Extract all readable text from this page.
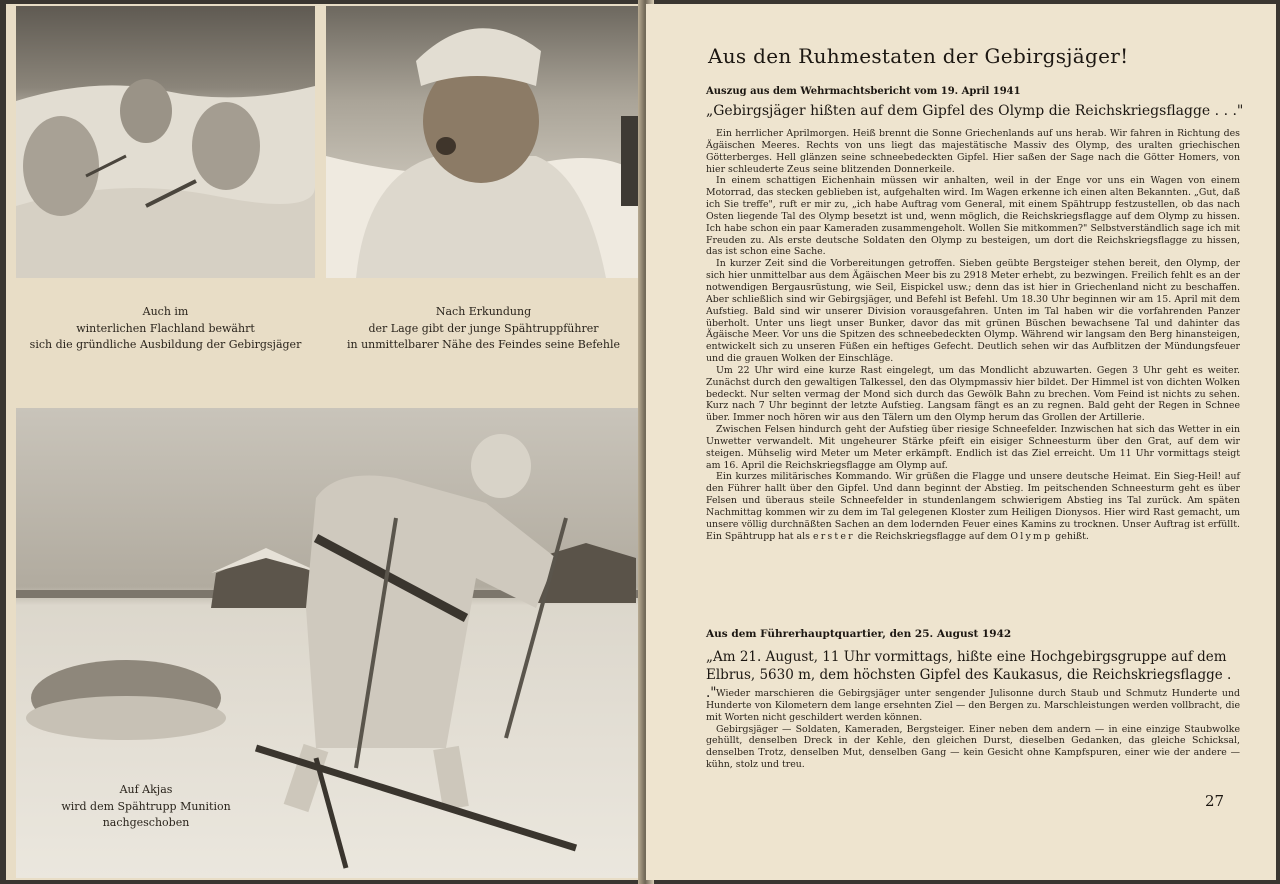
Auch im
winterlichen Flachland bewährt
sich die gründliche Ausbildung der Gebirgsjäger
Nach Erkundung
der Lage gibt der junge Spähtruppführer
in unmittelbarer Nähe des Feindes seine Befehle
Auf Akjas
wird dem Spähtrupp Munition
nachgeschoben
Aus den Ruhmestaten der Gebirgsjäger!
Auszug aus dem Wehrmachtsbericht vom 19. April 1941
„Gebirgsjäger hißten auf dem Gipfel des Olymp die Reichskriegsflagge . . ."

Ein herrlicher Aprilmorgen. Heiß brennt die Sonne Griechenlands auf uns herab. Wir fahren in Richtung des Ägäischen Meeres. Rechts von uns liegt das majestätische Massiv des Olymp, des uralten griechischen Götterberges. Hell glänzen seine schneebedeckten Gipfel. Hier saßen der Sage nach die Götter Homers, von hier schleuderte Zeus seine blitzenden Donnerkeile.

In einem schattigen Eichenhain müssen wir anhalten, weil in der Enge vor uns ein Wagen von einem Motorrad, das stecken geblieben ist, aufgehalten wird. Im Wagen erkenne ich einen alten Bekannten. „Gut, daß ich Sie treffe", ruft er mir zu, „ich habe Auftrag vom General, mit einem Spähtrupp festzustellen, ob das nach Osten liegende Tal des Olymp besetzt ist und, wenn möglich, die Reichskriegsflagge auf dem Olymp zu hissen. Ich habe schon ein paar Kameraden zusammengeholt. Wollen Sie mitkommen?" Selbstverständlich sage ich mit Freuden zu. Als erste deutsche Soldaten den Olymp zu besteigen, um dort die Reichskriegsflagge zu hissen, das ist schon eine Sache.

In kurzer Zeit sind die Vorbereitungen getroffen. Sieben geübte Bergsteiger stehen bereit, den Olymp, der sich hier unmittelbar aus dem Ägäischen Meer bis zu 2918 Meter erhebt, zu bezwingen. Freilich fehlt es an der notwendigen Bergausrüstung, wie Seil, Eispickel usw.; denn das ist hier in Griechenland nicht zu beschaffen. Aber schließlich sind wir Gebirgsjäger, und Befehl ist Befehl. Um 18.30 Uhr beginnen wir am 15. April mit dem Aufstieg. Bald sind wir unserer Division vorausgefahren. Unten im Tal haben wir die vorfahrenden Panzer überholt. Unter uns liegt unser Bunker, davor das mit grünen Büschen bewachsene Tal und dahinter das Ägäische Meer. Vor uns die Spitzen des schneebedeckten Olymp. Während wir langsam den Berg hinansteigen, entwickelt sich zu unseren Füßen ein heftiges Gefecht. Deutlich sehen wir das Aufblitzen der Mündungsfeuer und die grauen Wolken der Einschläge.

Um 22 Uhr wird eine kurze Rast eingelegt, um das Mondlicht abzuwarten. Gegen 3 Uhr geht es weiter. Zunächst durch den gewaltigen Talkessel, den das Olympmassiv hier bildet. Der Himmel ist von dichten Wolken bedeckt. Nur selten vermag der Mond sich durch das Gewölk Bahn zu brechen. Vom Feind ist nichts zu sehen. Kurz nach 7 Uhr beginnt der letzte Aufstieg. Langsam fängt es an zu regnen. Bald geht der Regen in Schnee über. Immer noch hören wir aus den Tälern um den Olymp herum das Grollen der Artillerie.

Zwischen Felsen hindurch geht der Aufstieg über riesige Schneefelder. Inzwischen hat sich das Wetter in ein Unwetter verwandelt. Mit ungeheurer Stärke pfeift ein eisiger Schneesturm über den Grat, auf dem wir steigen. Mühselig wird Meter um Meter erkämpft. Endlich ist das Ziel erreicht. Um 11 Uhr vormittags steigt am 16. April die Reichskriegsflagge am Olymp auf.

Ein kurzes militärisches Kommando. Wir grüßen die Flagge und unsere deutsche Heimat. Ein Sieg-Heil! auf den Führer hallt über den Gipfel. Und dann beginnt der Abstieg. Im peitschenden Schneesturm geht es über Felsen und überaus steile Schneefelder in stundenlangem schwierigem Abstieg ins Tal zurück. Am späten Nachmittag kommen wir zu dem im Tal gelegenen Kloster zum Heiligen Dionysos. Hier wird Rast gemacht, um unsere völlig durchnäßten Sachen an dem lodernden Feuer eines Kamins zu trocknen. Unser Auftrag ist erfüllt. Ein Spähtrupp hat als erster die Reichskriegsflagge auf dem Olymp gehißt.

Aus dem Führerhauptquartier, den 25. August 1942
„Am 21. August, 11 Uhr vormittags, hißte eine Hochgebirgsgruppe auf dem Elbrus, 5630 m, dem höchsten Gipfel des Kaukasus, die Reichskriegsflagge . ." Wieder marschieren die Gebirgsjäger unter sengender Julisonne durch Staub und Schmutz Hunderte und Hunderte von Kilometern dem lange ersehnten Ziel — den Bergen zu. Marschleistungen werden vollbracht, die mit Worten nicht geschildert werden können.

Gebirgsjäger — Soldaten, Kameraden, Bergsteiger. Einer neben dem andern — in eine einzige Staubwolke gehüllt, denselben Dreck in der Kehle, den gleichen Durst, dieselben Gedanken, das gleiche Schicksal, denselben Trotz, denselben Mut, denselben Gang — kein Gesicht ohne Kampfspuren, einer wie der andere — kühn, stolz und treu.

27
